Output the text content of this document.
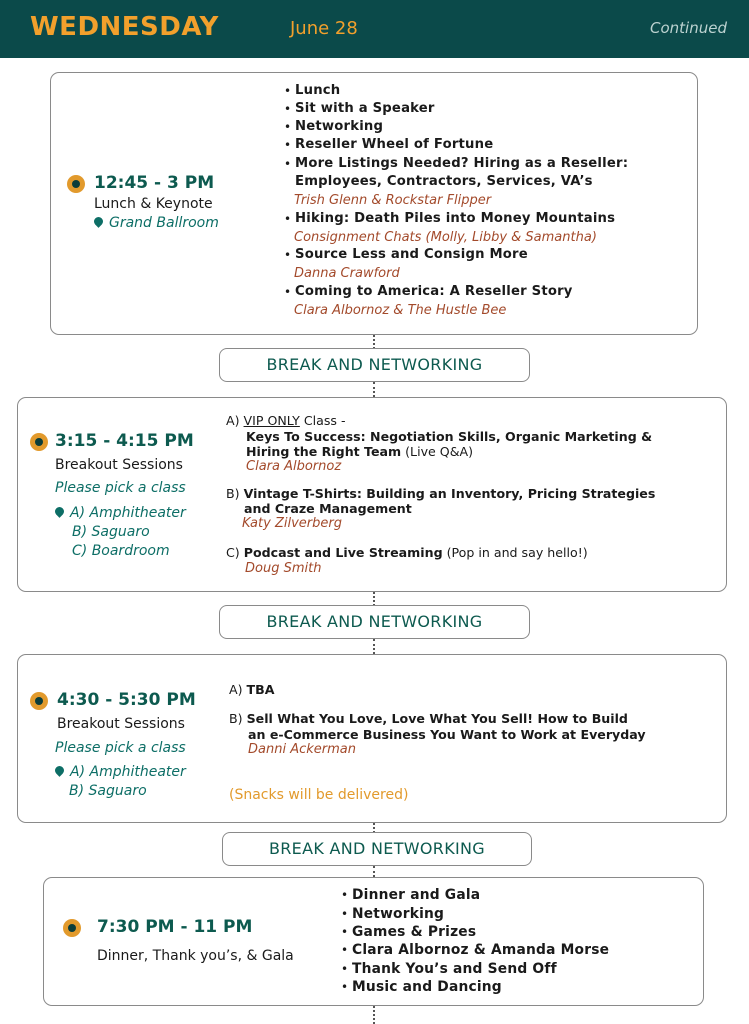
WEDNESDAY	June 28	Continued
12:45 - 3 PM
Lunch & Keynote
Grand Ballroom
• Lunch
• Sit with a Speaker
• Networking
• Reseller Wheel of Fortune
• More Listings Needed? Hiring as a Reseller:
Employees, Contractors, Services, VA’s
Trish Glenn & Rockstar Flipper
• Hiking: Death Piles into Money Mountains
Consignment Chats (Molly, Libby & Samantha)
• Source Less and Consign More
Danna Crawford
• Coming to America: A Reseller Story
Clara Albornoz & The Hustle Bee
BREAK AND NETWORKING
3:15 - 4:15 PM
Breakout Sessions
Please pick a class
A) Amphitheater
B) Saguaro
C) Boardroom
A) VIP ONLY Class -
Keys To Success: Negotiation Skills, Organic Marketing &
Hiring the Right Team (Live Q&A)
Clara Albornoz
B) Vintage T-Shirts: Building an Inventory, Pricing Strategies
and Craze Management
Katy Zilverberg
C) Podcast and Live Streaming (Pop in and say hello!)
Doug Smith
BREAK AND NETWORKING
4:30 - 5:30 PM
Breakout Sessions
Please pick a class
A) Amphitheater
B) Saguaro
A) TBA
B) Sell What You Love, Love What You Sell! How to Build
an e-Commerce Business You Want to Work at Everyday
Danni Ackerman
(Snacks will be delivered)
BREAK AND NETWORKING
7:30 PM - 11 PM
Dinner, Thank you’s, & Gala
• Dinner and Gala
• Networking
• Games & Prizes
• Clara Albornoz & Amanda Morse
• Thank You’s and Send Off
• Music and Dancing
